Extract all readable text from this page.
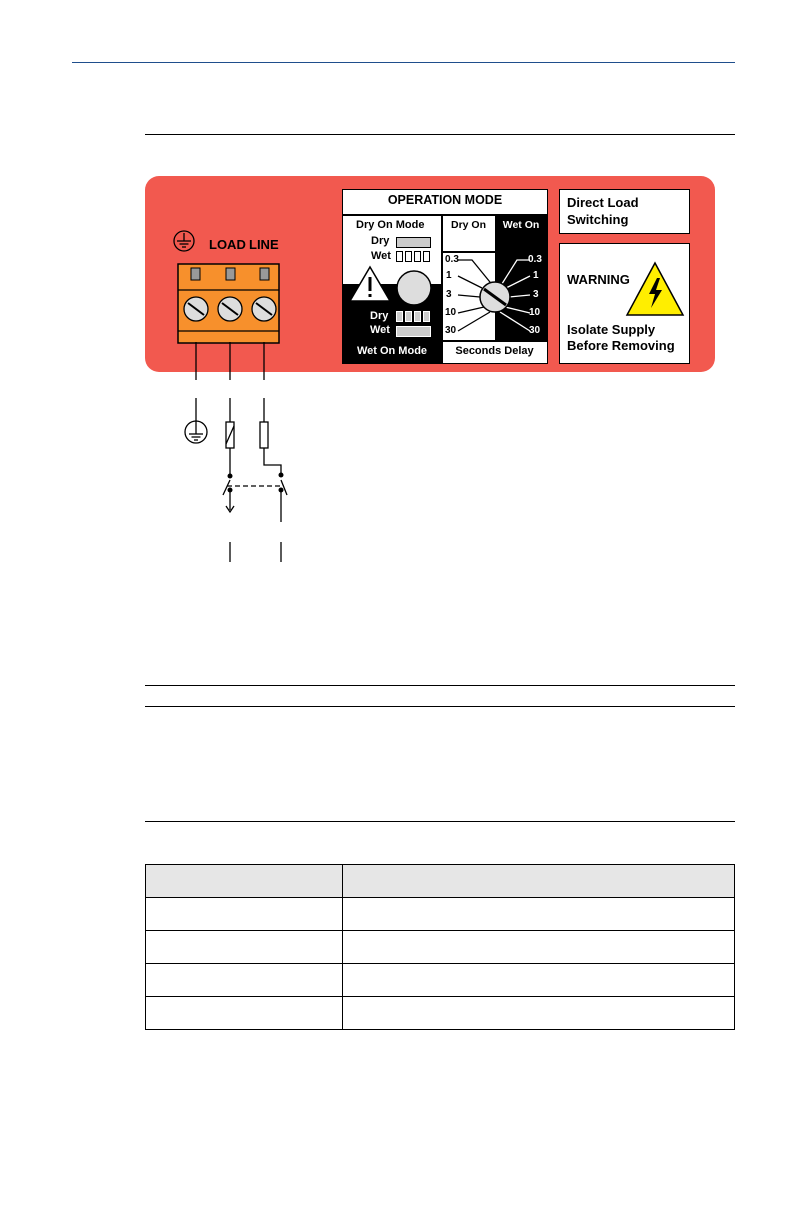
LOAD LINE
OPERATION MODE
Dry On Mode
Dry
Wet
Dry
Wet
Wet On Mode
Dry On	Wet On
0.3
1
3
10
30
0.3
1
3
10
30
Seconds Delay
Direct Load
Switching
WARNING
Isolate Supply
Before Removing
